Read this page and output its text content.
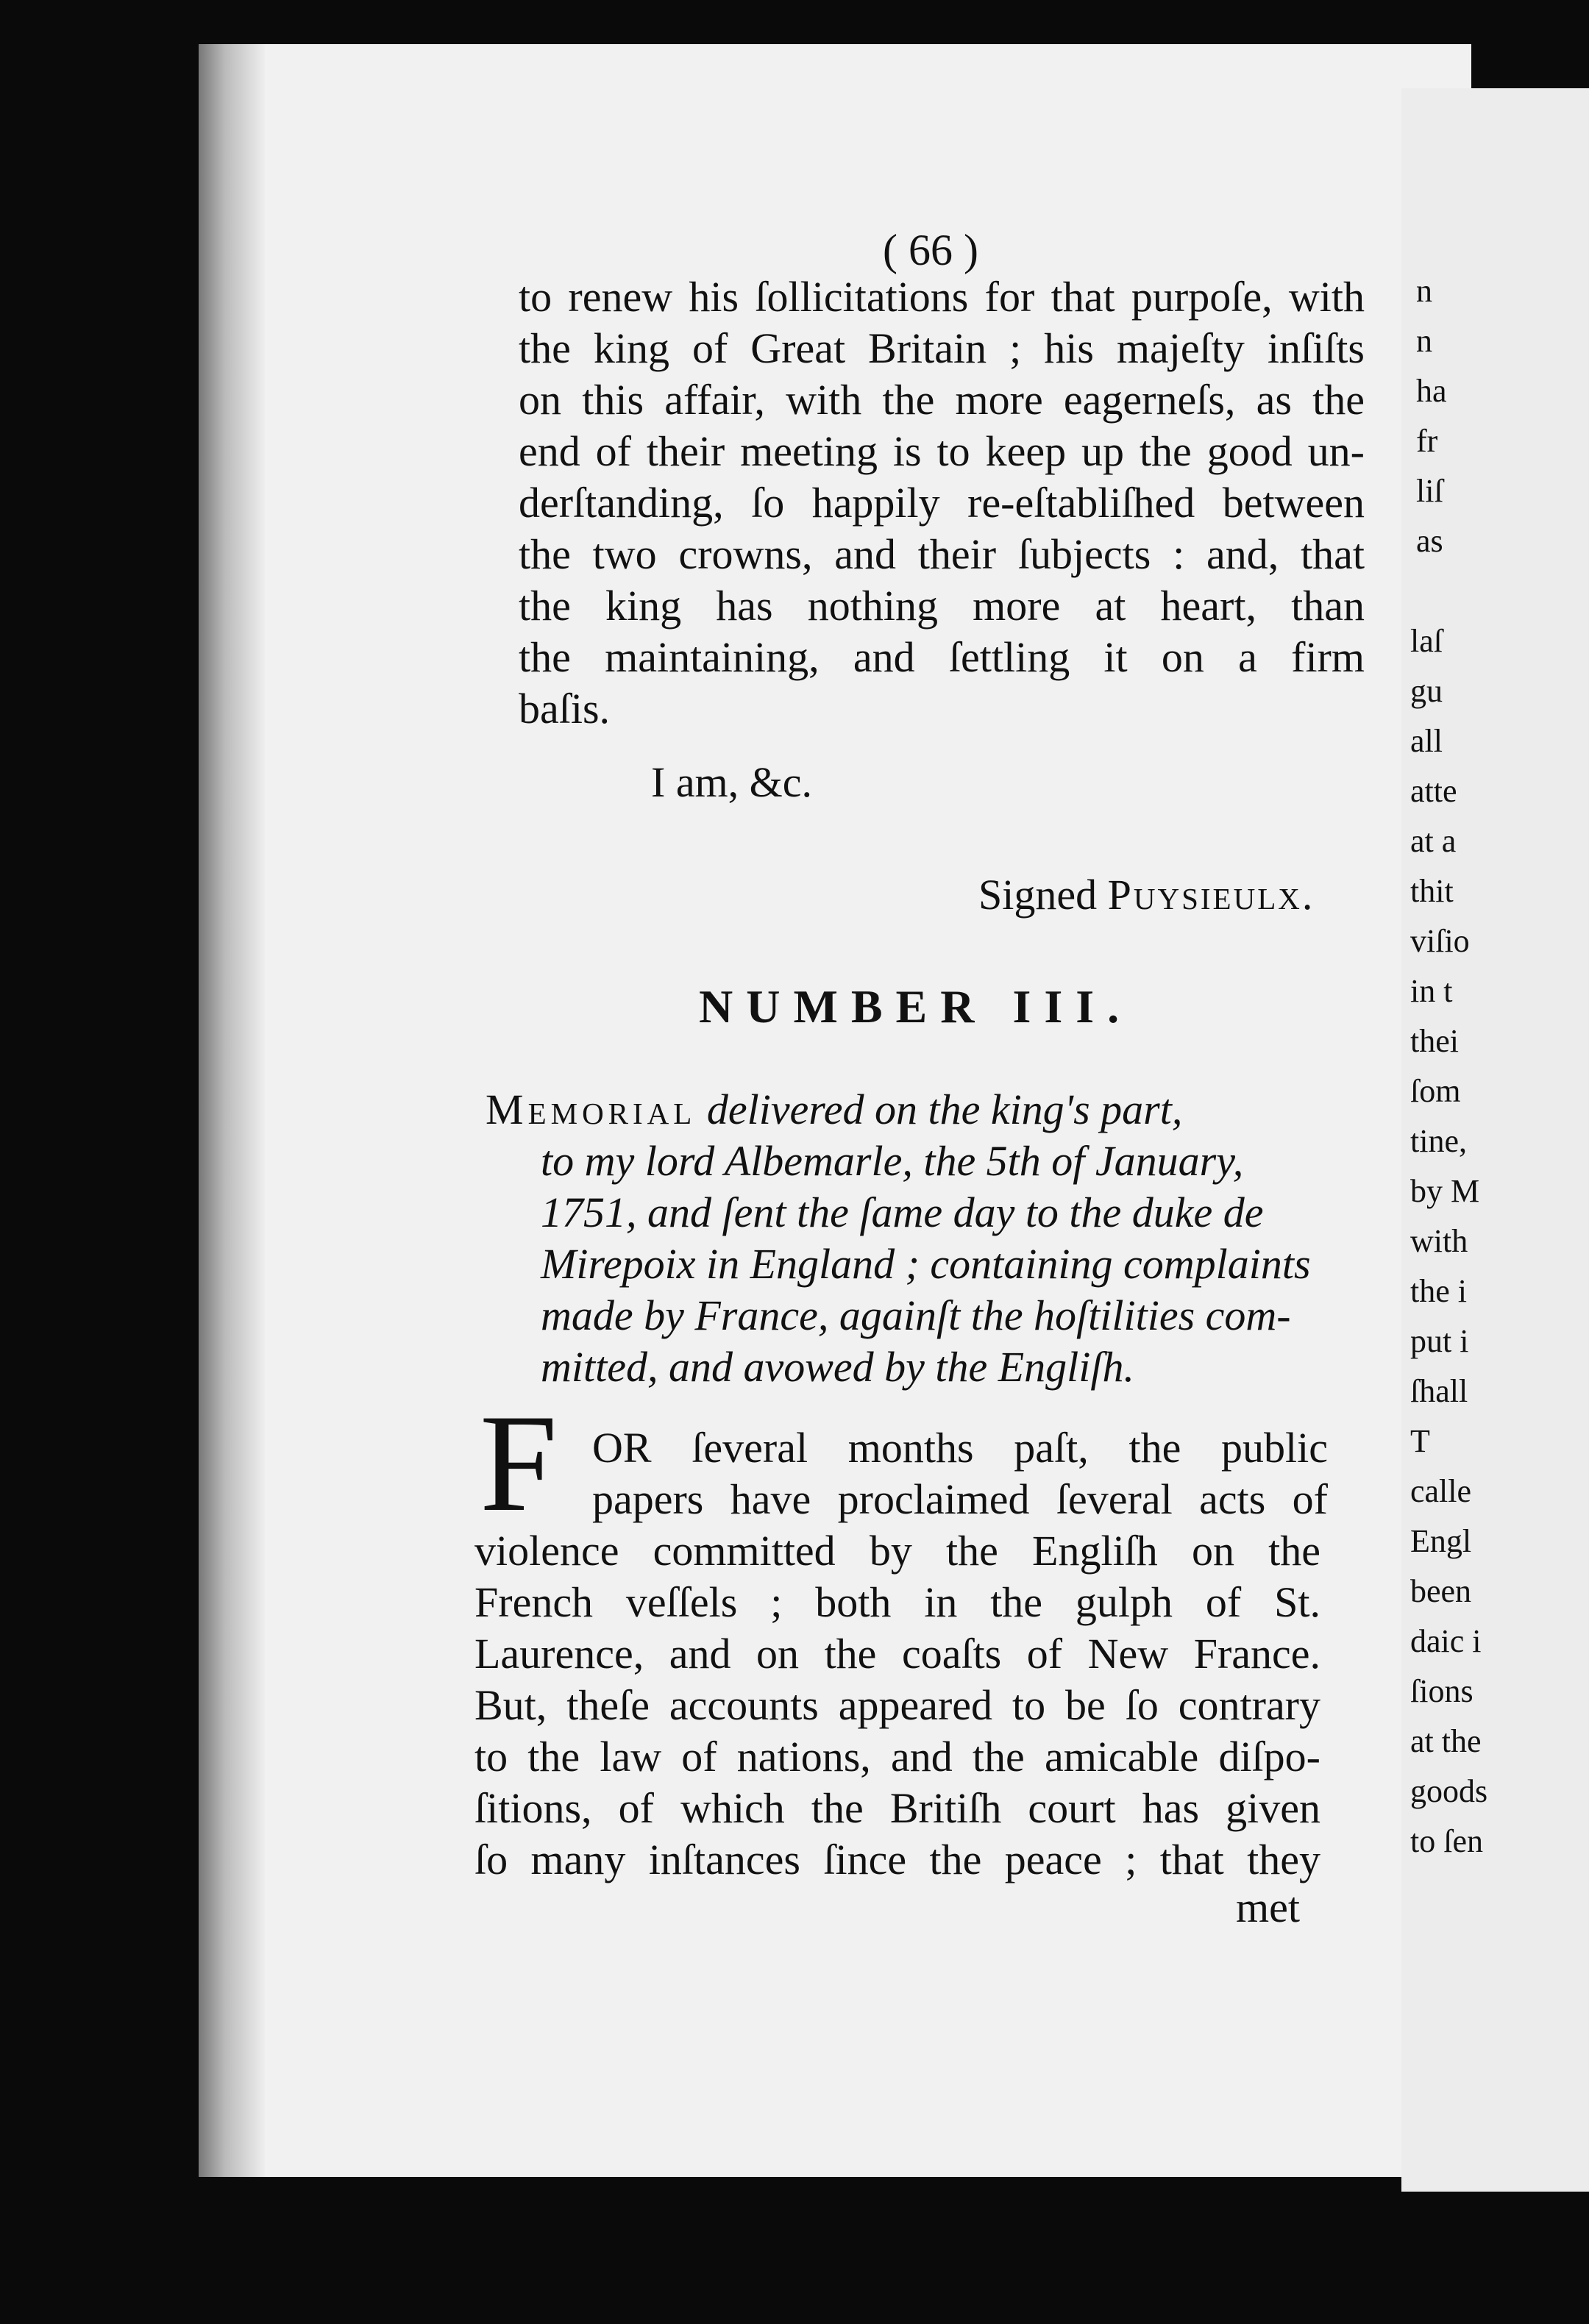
n
n
ha
fr
liſ
as
laſ
gu
all
atte
at a
thit
viſio
in t
thei
ſom
tine,
by M
with
the i
put i
ſhall
T
calle
Engl
been
daic i
ſions
at the
goods
to ſen
( 66 )
to renew his ſollicitations for that purpoſe, with
the king of Great Britain ; his majeſty inſiſts
on this affair, with the more eagerneſs, as the
end of their meeting is to keep up the good un-
derſtanding, ſo happily re-eſtabliſhed between
the two crowns, and their ſubjects : and, that
the king has nothing more at heart, than
the maintaining, and ſettling it on a firm
baſis.
I am, &c.
Signed Puysieulx.
NUMBER III.
Memorial delivered on the king's part,
to my lord Albemarle, the 5th of January,
1751, and ſent the ſame day to the duke de
Mirepoix in England ; containing complaints
made by France, againſt the hoſtilities com-
mitted, and avowed by the Engliſh.
F OR ſeveral months paſt, the public
papers have proclaimed ſeveral acts of
violence committed by the Engliſh on the
French veſſels ; both in the gulph of St.
Laurence, and on the coaſts of New France.
But, theſe accounts appeared to be ſo contrary
to the law of nations, and the amicable diſpo-
ſitions, of which the Britiſh court has given
ſo many inſtances ſince the peace ; that they
met
